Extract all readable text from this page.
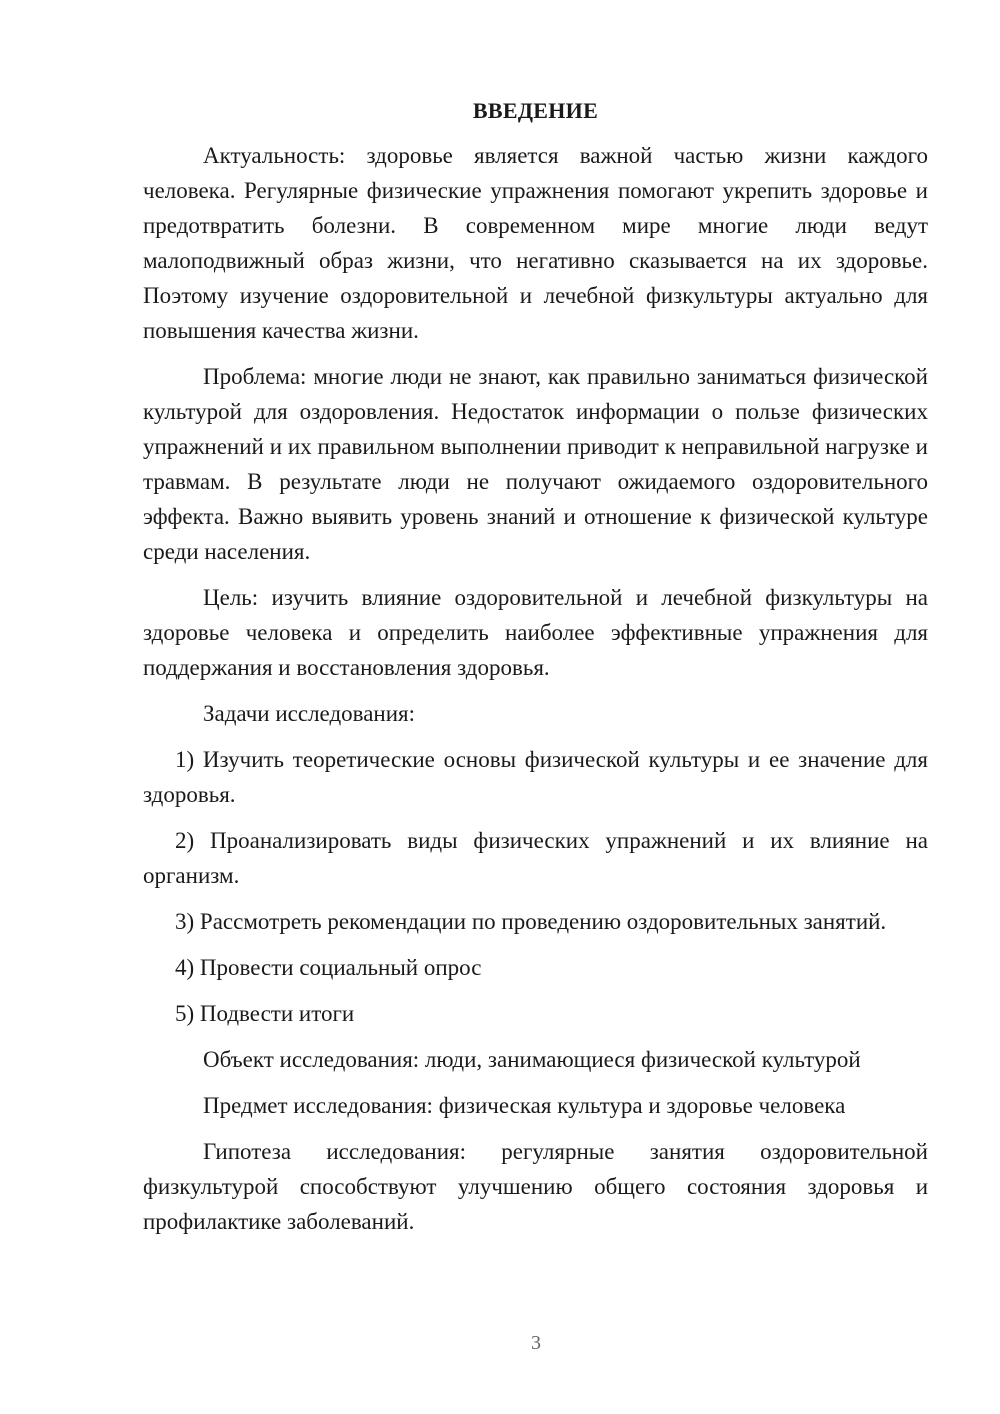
ВВЕДЕНИЕ

Актуальность: здоровье является важной частью жизни каждого человека. Регулярные физические упражнения помогают укрепить здоровье и предотвратить болезни. В современном мире многие люди ведут малоподвижный образ жизни, что негативно сказывается на их здоровье. Поэтому изучение оздоровительной и лечебной физкультуры актуально для повышения качества жизни.

Проблема: многие люди не знают, как правильно заниматься физической культурой для оздоровления. Недостаток информации о пользе физических упражнений и их правильном выполнении приводит к неправильной нагрузке и травмам. В результате люди не получают ожидаемого оздоровительного эффекта. Важно выявить уровень знаний и отношение к физической культуре среди населения.

Цель: изучить влияние оздоровительной и лечебной физкультуры на здоровье человека и определить наиболее эффективные упражнения для поддержания и восстановления здоровья.

Задачи исследования:

1) Изучить теоретические основы физической культуры и ее значение для здоровья.

2) Проанализировать виды физических упражнений и их влияние на организм.

3) Рассмотреть рекомендации по проведению оздоровительных занятий.

4) Провести социальный опрос

5) Подвести итоги

Объект исследования: люди, занимающиеся физической культурой

Предмет исследования: физическая культура и здоровье человека

Гипотеза исследования: регулярные занятия оздоровительной физкультурой способствуют улучшению общего состояния здоровья и профилактике заболеваний.

3
